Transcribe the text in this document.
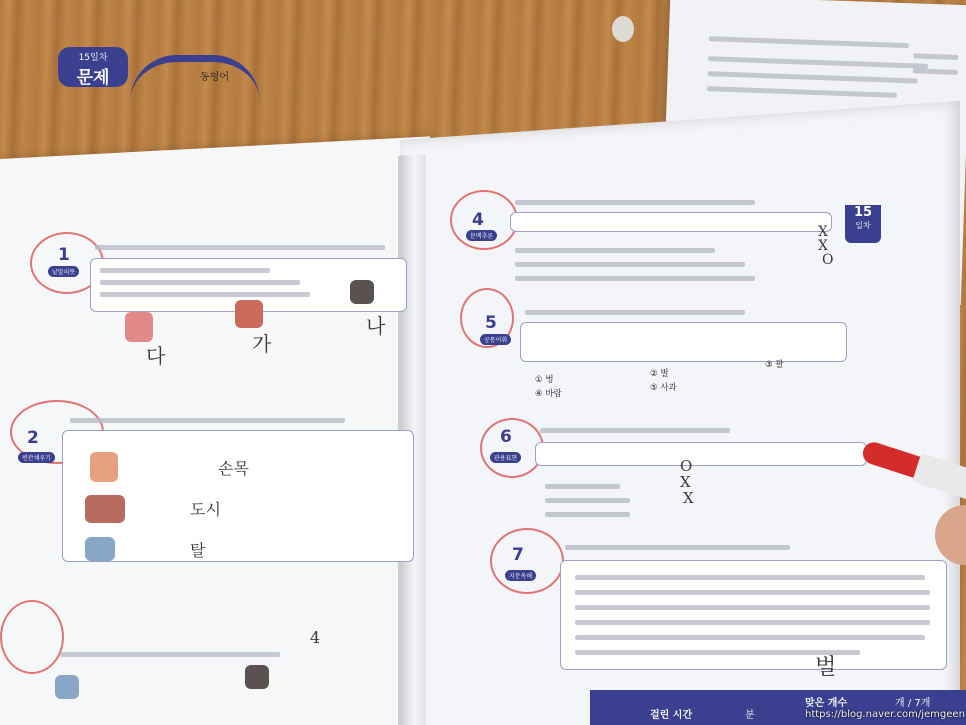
15일차
문제	동형어
1
낱말의뜻
다	가
나
2
빈칸채우기
손목
도시
탈
4
15
일차
4
문맥추론	X
X
O
5
공통어휘
① 벙
② 벌
③ 팔
④ 바람
⑤ 사과
6
관용표현	O
X
X
7
지문독해
벌
걸린 시간	분
맞은 개수	개 / 7개
https://blog.naver.com/jemgeen
